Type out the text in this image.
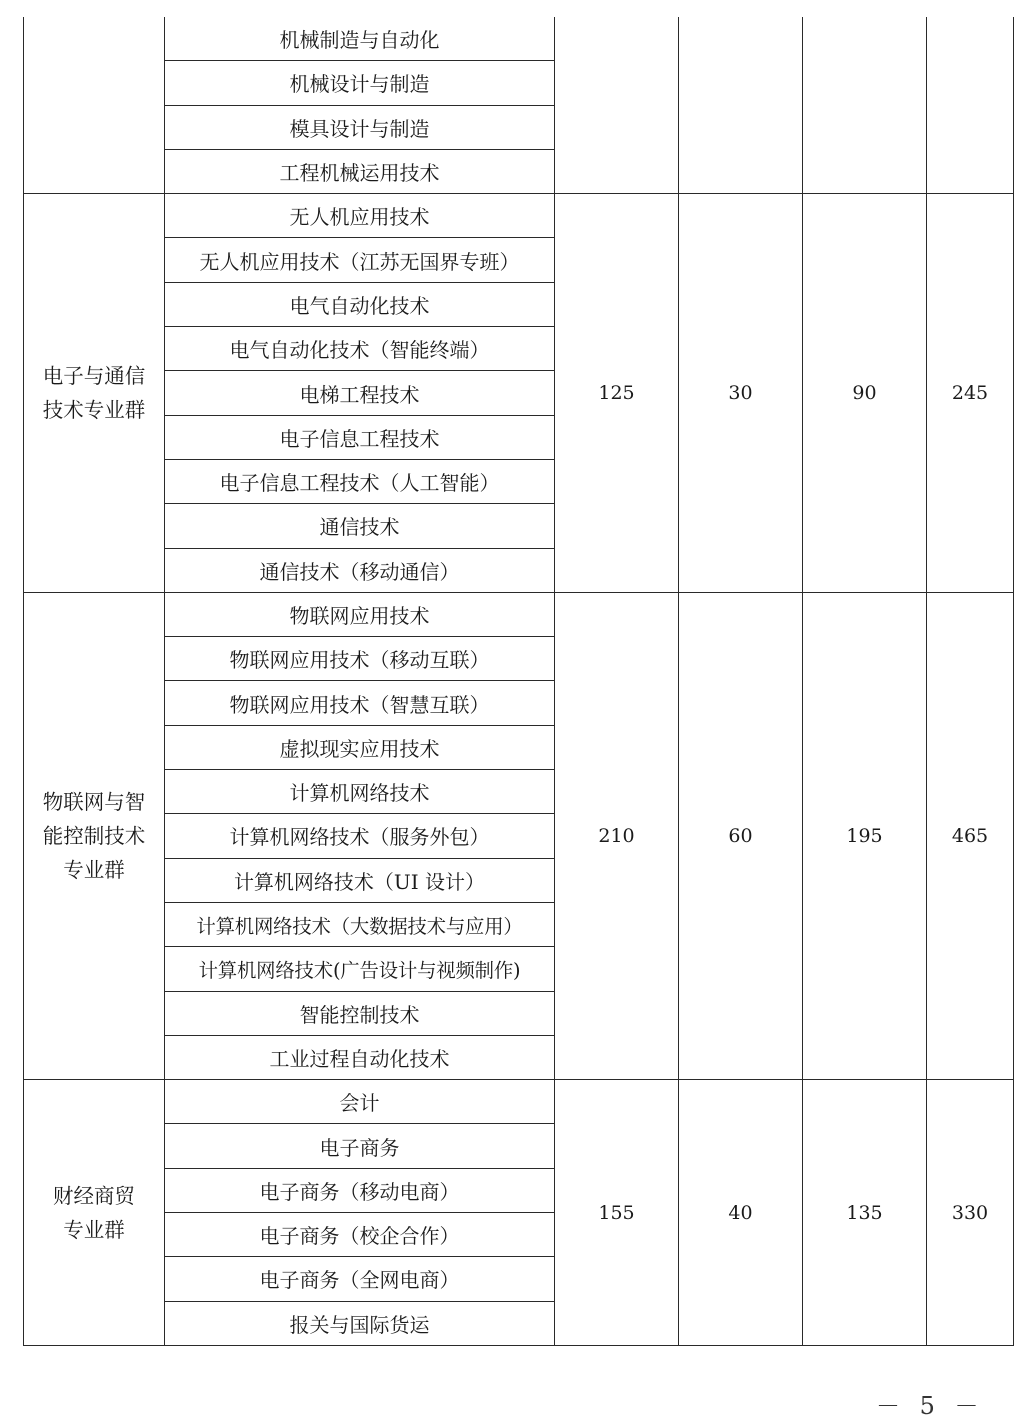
	机械制造与自动化				
	机械设计与制造				
	模具设计与制造				
	工程机械运用技术				

电子与通信
技术专业群	无人机应用技术	125	30	90	245
	无人机应用技术（江苏无国界专班）				
	电气自动化技术				
	电气自动化技术（智能终端）				
	电梯工程技术				
	电子信息工程技术				
	电子信息工程技术（人工智能）				
	通信技术				
	通信技术（移动通信）				

物联网与智
能控制技术
专业群	物联网应用技术	210	60	195	465
	物联网应用技术（移动互联）				
	物联网应用技术（智慧互联）				
	虚拟现实应用技术				
	计算机网络技术				
	计算机网络技术（服务外包）				
	计算机网络技术（UI 设计）				
	计算机网络技术（大数据技术与应用）				
	计算机网络技术(广告设计与视频制作)				
	智能控制技术				
	工业过程自动化技术				

财经商贸
专业群	会计	155	40	135	330
	电子商务				
	电子商务（移动电商）				
	电子商务（校企合作）				
	电子商务（全网电商）				
	报关与国际货运				
－ 5 －
